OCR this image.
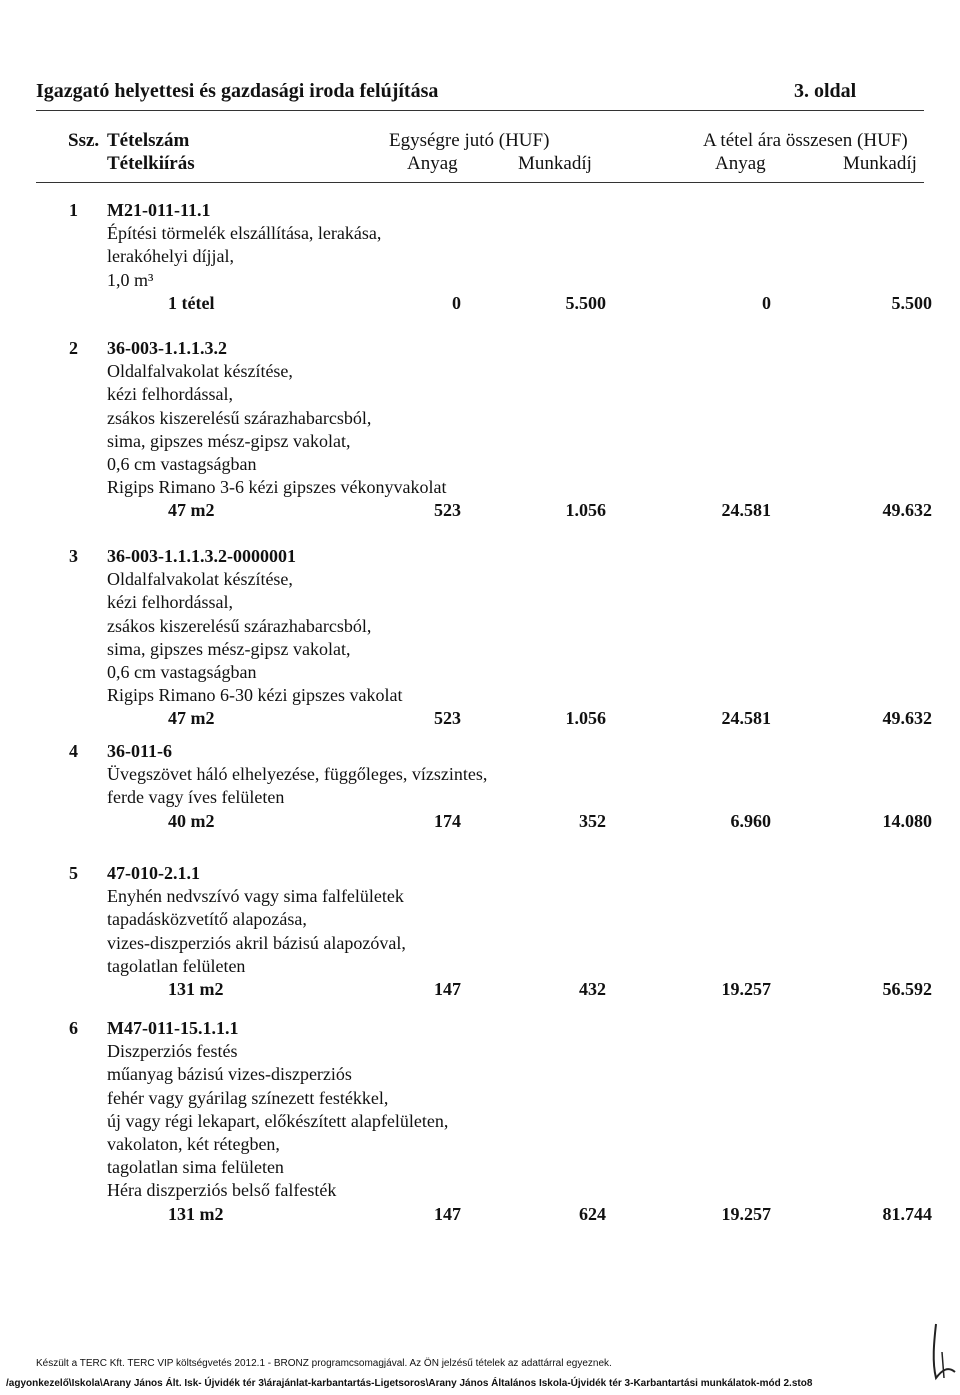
Igazgató helyettesi és gazdasági iroda felújítása	3. oldal
Ssz. Tételszám	Egységre jutó (HUF)	A tétel ára összesen (HUF)
Tételkiírás	Anyag	Munkadíj	Anyag	Munkadíj
1 M21-011-11.1
Építési törmelék elszállítása, lerakása,
lerakóhelyi díjjal,
1,0 m³
1 tétel	0	5.500	0	5.500
2 36-003-1.1.1.3.2
Oldalfalvakolat készítése,
kézi felhordással,
zsákos kiszerelésű szárazhabarcsból,
sima, gipszes mész-gipsz vakolat,
0,6 cm vastagságban
Rigips Rimano 3-6 kézi gipszes vékonyvakolat
47 m2	523	1.056	24.581	49.632
3 36-003-1.1.1.3.2-0000001
Oldalfalvakolat készítése,
kézi felhordással,
zsákos kiszerelésű szárazhabarcsból,
sima, gipszes mész-gipsz vakolat,
0,6 cm vastagságban
Rigips Rimano 6-30 kézi gipszes vakolat
47 m2	523	1.056	24.581	49.632
4 36-011-6
Üvegszövet háló elhelyezése, függőleges, vízszintes,
ferde vagy íves felületen
40 m2	174	352	6.960	14.080
5 47-010-2.1.1
Enyhén nedvszívó vagy sima falfelületek
tapadásközvetítő alapozása,
vizes-diszperziós akril bázisú alapozóval,
tagolatlan felületen
131 m2	147	432	19.257	56.592
6 M47-011-15.1.1.1
Diszperziós festés
műanyag bázisú vizes-diszperziós
fehér vagy gyárilag színezett festékkel,
új vagy régi lekapart, előkészített alapfelületen,
vakolaton, két rétegben,
tagolatlan sima felületen
Héra diszperziós belső falfesték
131 m2	147	624	19.257	81.744
Készült a TERC Kft. TERC VIP költségvetés 2012.1 - BRONZ programcsomagjával. Az ÖN jelzésű tételek az adattárral egyeznek.
/agyonkezelő\Iskola\Arany János Ált. Isk- Újvidék tér 3\árajánlat-karbantartás-Ligetsoros\Arany János Általános Iskola-Újvidék tér 3-Karbantartási munkálatok-mód 2.sto8
